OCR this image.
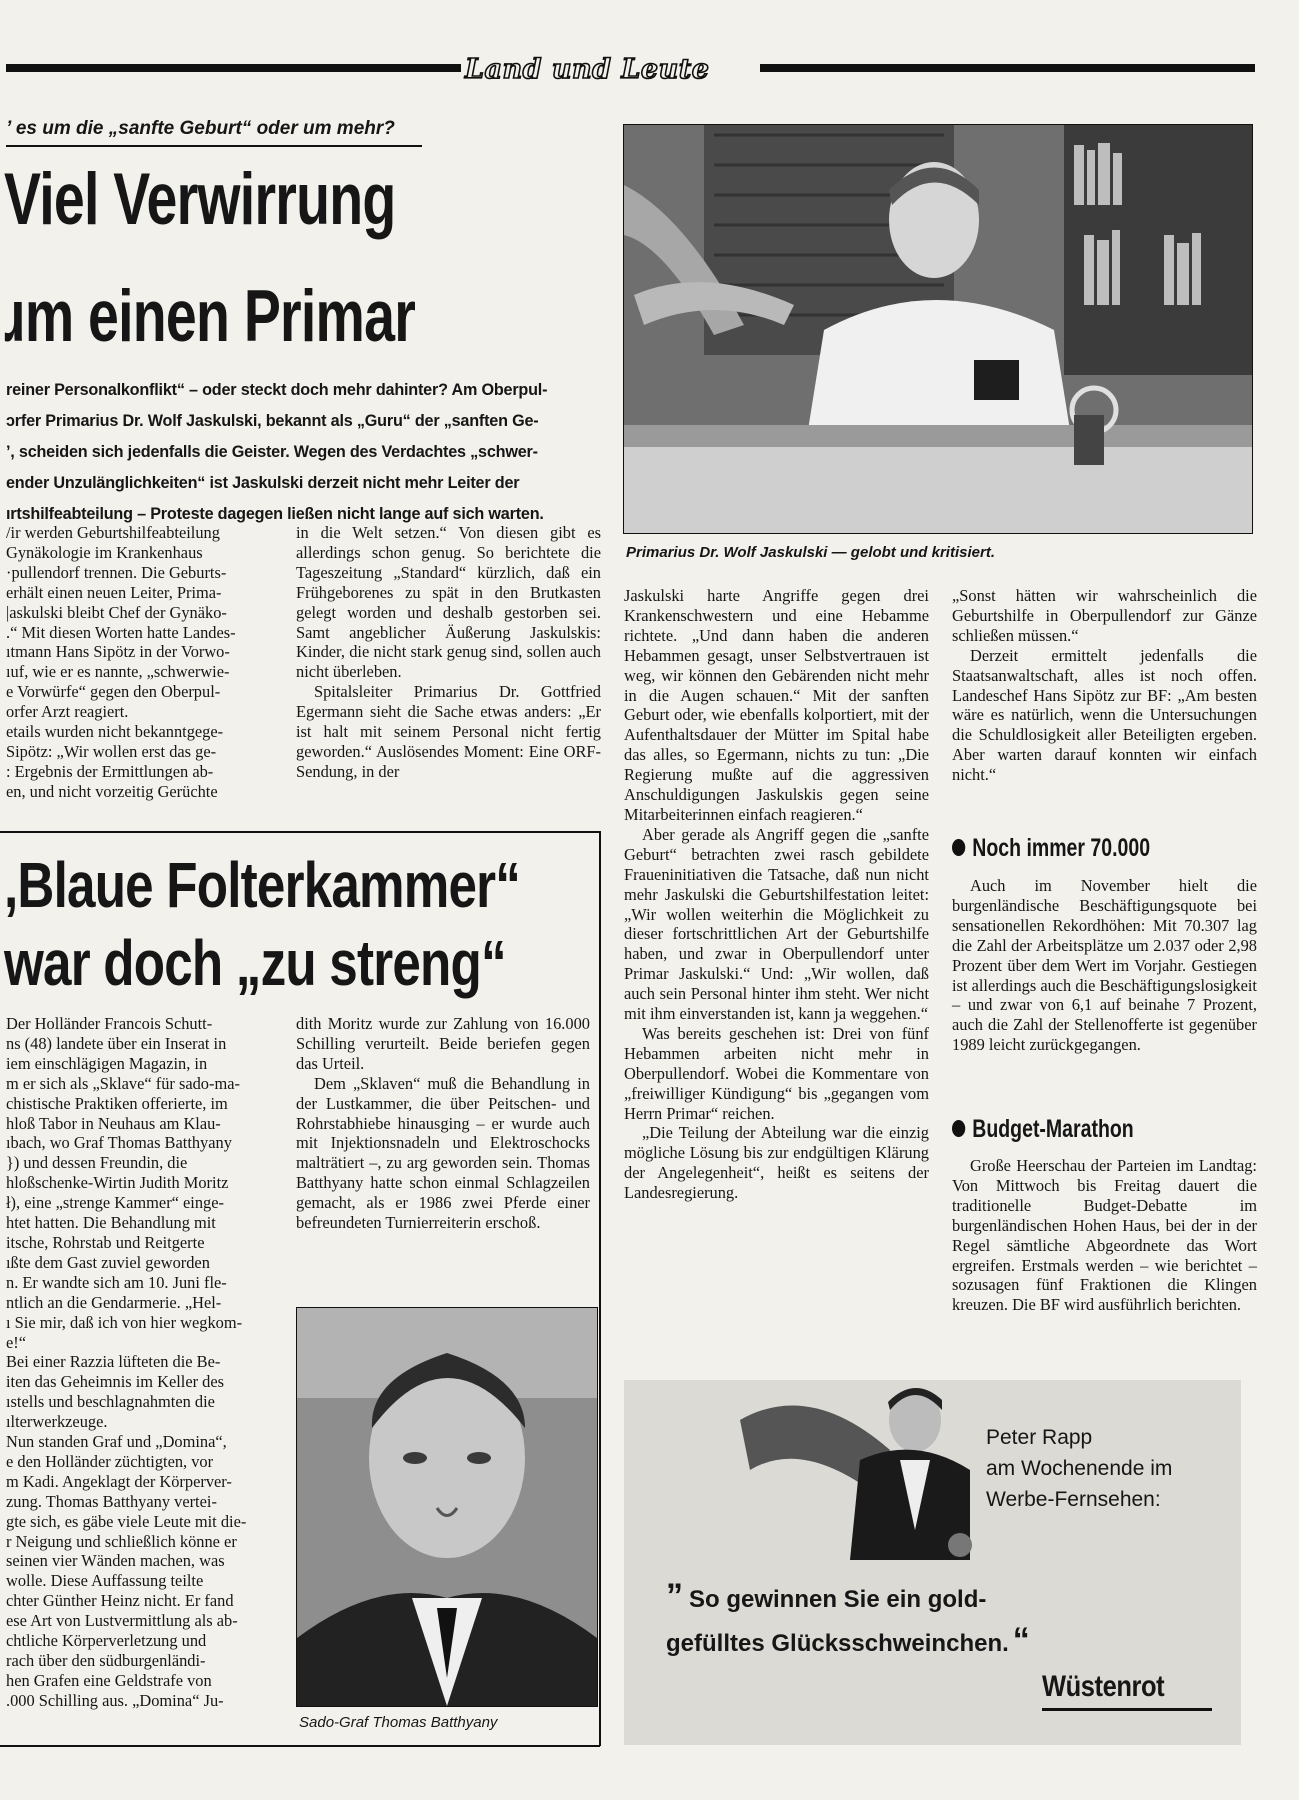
Land und Leute
’ es um die „sanfte Geburt“ oder um mehr?
Viel Verwirrung
ɹm einen Primar

reiner Personalkonflikt“ – oder steckt doch mehr dahinter? Am Oberpul-

ɔrfer Primarius Dr. Wolf Jaskulski, bekannt als „Guru“ der „sanften Ge-

’, scheiden sich jedenfalls die Geister. Wegen des Verdachtes „schwer-

ender Unzulänglichkeiten“ ist Jaskulski derzeit nicht mehr Leiter der

ırtshilfeabteilung – Proteste dagegen ließen nicht lange auf sich warten.

/ir werden Geburtshilfeabteilung
Gynäkologie im Krankenhaus
·pullendorf trennen. Die Geburts-
erhält einen neuen Leiter, Prima-
|askulski bleibt Chef der Gynäko-
.“ Mit diesen Worten hatte Landes-
ıtmann Hans Sipötz in der Vorwo-
ıuf, wie er es nannte, „schwerwie-
e Vorwürfe“ gegen den Oberpul-
orfer Arzt reagiert.
etails wurden nicht bekanntgege-
Sipötz: „Wir wollen erst das ge-
: Ergebnis der Ermittlungen ab-
en, und nicht vorzeitig Gerüchte

in die Welt setzen.“ Von diesen gibt es allerdings schon genug. So berichtete die Tageszeitung „Standard“ kürzlich, daß ein Frühgeborenes zu spät in den Brutkasten gelegt worden und deshalb gestorben sei. Samt angeblicher Äußerung Jaskulskis: Kinder, die nicht stark genug sind, sollen auch nicht überleben.

Spitalsleiter Primarius Dr. Gottfried Egermann sieht die Sache etwas anders: „Er ist halt mit seinem Personal nicht fertig geworden.“ Auslösendes Moment: Eine ORF-Sendung, in der

Primarius Dr. Wolf Jaskulski — gelobt und kritisiert.

Jaskulski harte Angriffe gegen drei Krankenschwestern und eine Hebamme richtete. „Und dann haben die anderen Hebammen gesagt, unser Selbstvertrauen ist weg, wir können den Gebärenden nicht mehr in die Augen schauen.“ Mit der sanften Geburt oder, wie ebenfalls kolportiert, mit der Aufenthaltsdauer der Mütter im Spital habe das alles, so Egermann, nichts zu tun: „Die Regierung mußte auf die aggressiven Anschuldigungen Jaskulskis gegen seine Mitarbeiterinnen einfach reagieren.“

Aber gerade als Angriff gegen die „sanfte Geburt“ betrachten zwei rasch gebildete Fraueninitiativen die Tatsache, daß nun nicht mehr Jaskulski die Geburtshilfestation leitet: „Wir wollen weiterhin die Möglichkeit zu dieser fortschrittlichen Art der Geburtshilfe haben, und zwar in Oberpullendorf unter Primar Jaskulski.“ Und: „Wir wollen, daß auch sein Personal hinter ihm steht. Wer nicht mit ihm einverstanden ist, kann ja weggehen.“

Was bereits geschehen ist: Drei von fünf Hebammen arbeiten nicht mehr in Oberpullendorf. Wobei die Kommentare von „freiwilliger Kündigung“ bis „gegangen vom Herrn Primar“ reichen.

„Die Teilung der Abteilung war die einzig mögliche Lösung bis zur endgültigen Klärung der Angelegenheit“, heißt es seitens der Landesregierung.

„Sonst hätten wir wahrscheinlich die Geburtshilfe in Oberpullendorf zur Gänze schließen müssen.“

Derzeit ermittelt jedenfalls die Staatsanwaltschaft, alles ist noch offen. Landeschef Hans Sipötz zur BF: „Am besten wäre es natürlich, wenn die Untersuchungen die Schuldlosigkeit aller Beteiligten ergeben. Aber warten darauf konnten wir einfach nicht.“

Noch immer 70.000

Auch im November hielt die burgenländische Beschäftigungsquote bei sensationellen Rekordhöhen: Mit 70.307 lag die Zahl der Arbeitsplätze um 2.037 oder 2,98 Prozent über dem Wert im Vorjahr. Gestiegen ist allerdings auch die Beschäftigungslosigkeit – und zwar von 6,1 auf beinahe 7 Prozent, auch die Zahl der Stellenofferte ist gegenüber 1989 leicht zurückgegangen.

Budget-Marathon

Große Heerschau der Parteien im Landtag: Von Mittwoch bis Freitag dauert die traditionelle Budget-Debatte im burgenländischen Hohen Haus, bei der in der Regel sämtliche Abgeordnete das Wort ergreifen. Erstmals werden – wie berichtet – sozusagen fünf Fraktionen die Klingen kreuzen. Die BF wird ausführlich berichten.

,Blaue Folterkammer“
war doch „zu streng“
Der Holländer Francois Schutt-
ns (48) landete über ein Inserat in
iem einschlägigen Magazin, in
m er sich als „Sklave“ für sado-ma-
chistische Praktiken offerierte, im
hloß Tabor in Neuhaus am Klau-
ıbach, wo Graf Thomas Batthyany
}) und dessen Freundin, die
hloßschenke-Wirtin Judith Moritz
ł), eine „strenge Kammer“ einge-
htet hatten. Die Behandlung mit
itsche, Rohrstab und Reitgerte
ıßte dem Gast zuviel geworden
n. Er wandte sich am 10. Juni fle-
ntlich an die Gendarmerie. „Hel-
ı Sie mir, daß ich von hier wegkom-
e!“
Bei einer Razzia lüfteten die Be-
iten das Geheimnis im Keller des
ıstells und beschlagnahmten die
ılterwerkzeuge.
Nun standen Graf und „Domina“,
e den Holländer züchtigten, vor
m Kadi. Angeklagt der Körperver-
zung. Thomas Batthyany vertei-
gte sich, es gäbe viele Leute mit die-
r Neigung und schließlich könne er
seinen vier Wänden machen, was
wolle. Diese Auffassung teilte
chter Günther Heinz nicht. Er fand
ese Art von Lustvermittlung als ab-
chtliche Körperverletzung und
rach über den südburgenländi-
hen Grafen eine Geldstrafe von
.000 Schilling aus. „Domina“ Ju-

dith Moritz wurde zur Zahlung von 16.000 Schilling verurteilt. Beide beriefen gegen das Urteil.

Dem „Sklaven“ muß die Behandlung in der Lustkammer, die über Peitschen- und Rohrstabhiebe hinausging – er wurde auch mit Injektionsnadeln und Elektroschocks malträtiert –, zu arg geworden sein. Thomas Batthyany hatte schon einmal Schlagzeilen gemacht, als er 1986 zwei Pferde einer befreundeten Turnierreiterin erschoß.

Sado-Graf Thomas Batthyany
Peter Rapp
am Wochenende im
Werbe-Fernsehen:
” So gewinnen Sie ein gold-
gefülltes Glücksschweinchen. “
Wüstenrot
